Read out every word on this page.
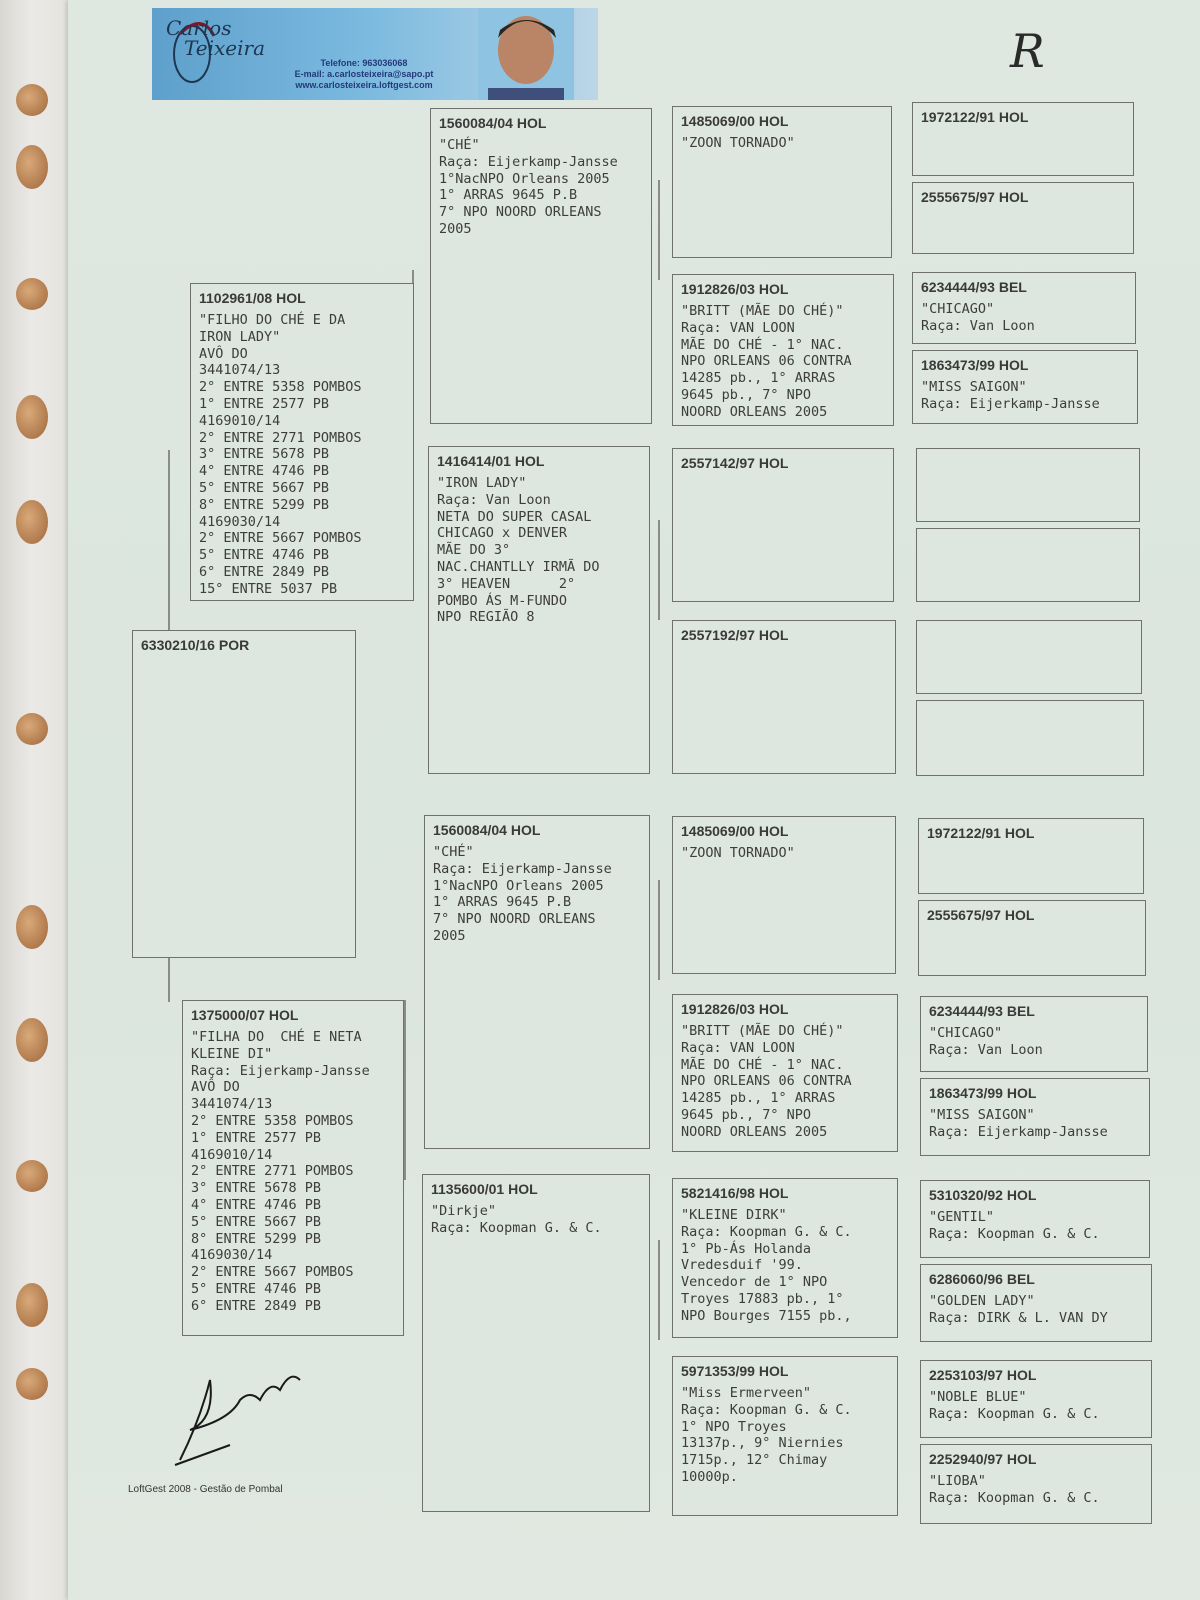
Carlos
Teixeira
Telefone: 963036068
E-mail: a.carlosteixeira@sapo.pt
www.carlosteixeira.loftgest.com
R
6330210/16 POR
1102961/08 HOL
"FILHO DO CHÉ E DA
IRON LADY"
AVÔ DO
3441074/13
2° ENTRE 5358 POMBOS
1° ENTRE 2577 PB
4169010/14
2° ENTRE 2771 POMBOS
3° ENTRE 5678 PB
4° ENTRE 4746 PB
5° ENTRE 5667 PB
8° ENTRE 5299 PB
4169030/14
2° ENTRE 5667 POMBOS
5° ENTRE 4746 PB
6° ENTRE 2849 PB
15° ENTRE 5037 PB
1375000/07 HOL
"FILHA DO  CHÉ E NETA
KLEINE DI"
Raça: Eijerkamp-Jansse
AVÔ DO
3441074/13
2° ENTRE 5358 POMBOS
1° ENTRE 2577 PB
4169010/14
2° ENTRE 2771 POMBOS
3° ENTRE 5678 PB
4° ENTRE 4746 PB
5° ENTRE 5667 PB
8° ENTRE 5299 PB
4169030/14
2° ENTRE 5667 POMBOS
5° ENTRE 4746 PB
6° ENTRE 2849 PB
1560084/04 HOL
"CHÉ"
Raça: Eijerkamp-Jansse
1°NacNPO Orleans 2005
1° ARRAS 9645 P.B
7° NPO NOORD ORLEANS
2005
1416414/01 HOL
"IRON LADY"
Raça: Van Loon
NETA DO SUPER CASAL
CHICAGO x DENVER
MÃE DO 3°
NAC.CHANTLLY IRMÃ DO
3° HEAVEN      2°
POMBO ÁS M-FUNDO
NPO REGIÃO 8
1560084/04 HOL
"CHÉ"
Raça: Eijerkamp-Jansse
1°NacNPO Orleans 2005
1° ARRAS 9645 P.B
7° NPO NOORD ORLEANS
2005
1135600/01 HOL
"Dirkje"
Raça: Koopman G. & C.
1485069/00 HOL
"ZOON TORNADO"
1912826/03 HOL
"BRITT (MÃE DO CHÉ)"
Raça: VAN LOON
MÃE DO CHÉ - 1° NAC.
NPO ORLEANS 06 CONTRA
14285 pb., 1° ARRAS
9645 pb., 7° NPO
NOORD ORLEANS 2005
2557142/97 HOL
2557192/97 HOL
1485069/00 HOL
"ZOON TORNADO"
1912826/03 HOL
"BRITT (MÃE DO CHÉ)"
Raça: VAN LOON
MÃE DO CHÉ - 1° NAC.
NPO ORLEANS 06 CONTRA
14285 pb., 1° ARRAS
9645 pb., 7° NPO
NOORD ORLEANS 2005
5821416/98 HOL
"KLEINE DIRK"
Raça: Koopman G. & C.
1° Pb-Ás Holanda
Vredesduif '99.
Vencedor de 1° NPO
Troyes 17883 pb., 1°
NPO Bourges 7155 pb.,
5971353/99 HOL
"Miss Ermerveen"
Raça: Koopman G. & C.
1° NPO Troyes
13137p., 9° Niernies
1715p., 12° Chimay
10000p.
1972122/91 HOL
2555675/97 HOL
6234444/93 BEL
"CHICAGO"
Raça: Van Loon
1863473/99 HOL
"MISS SAIGON"
Raça: Eijerkamp-Jansse
1972122/91 HOL
2555675/97 HOL
6234444/93 BEL
"CHICAGO"
Raça: Van Loon
1863473/99 HOL
"MISS SAIGON"
Raça: Eijerkamp-Jansse
5310320/92 HOL
"GENTIL"
Raça: Koopman G. & C.
6286060/96 BEL
"GOLDEN LADY"
Raça: DIRK & L. VAN DY
2253103/97 HOL
"NOBLE BLUE"
Raça: Koopman G. & C.
2252940/97 HOL
"LIOBA"
Raça: Koopman G. & C.
LoftGest 2008 - Gestão de Pombal
